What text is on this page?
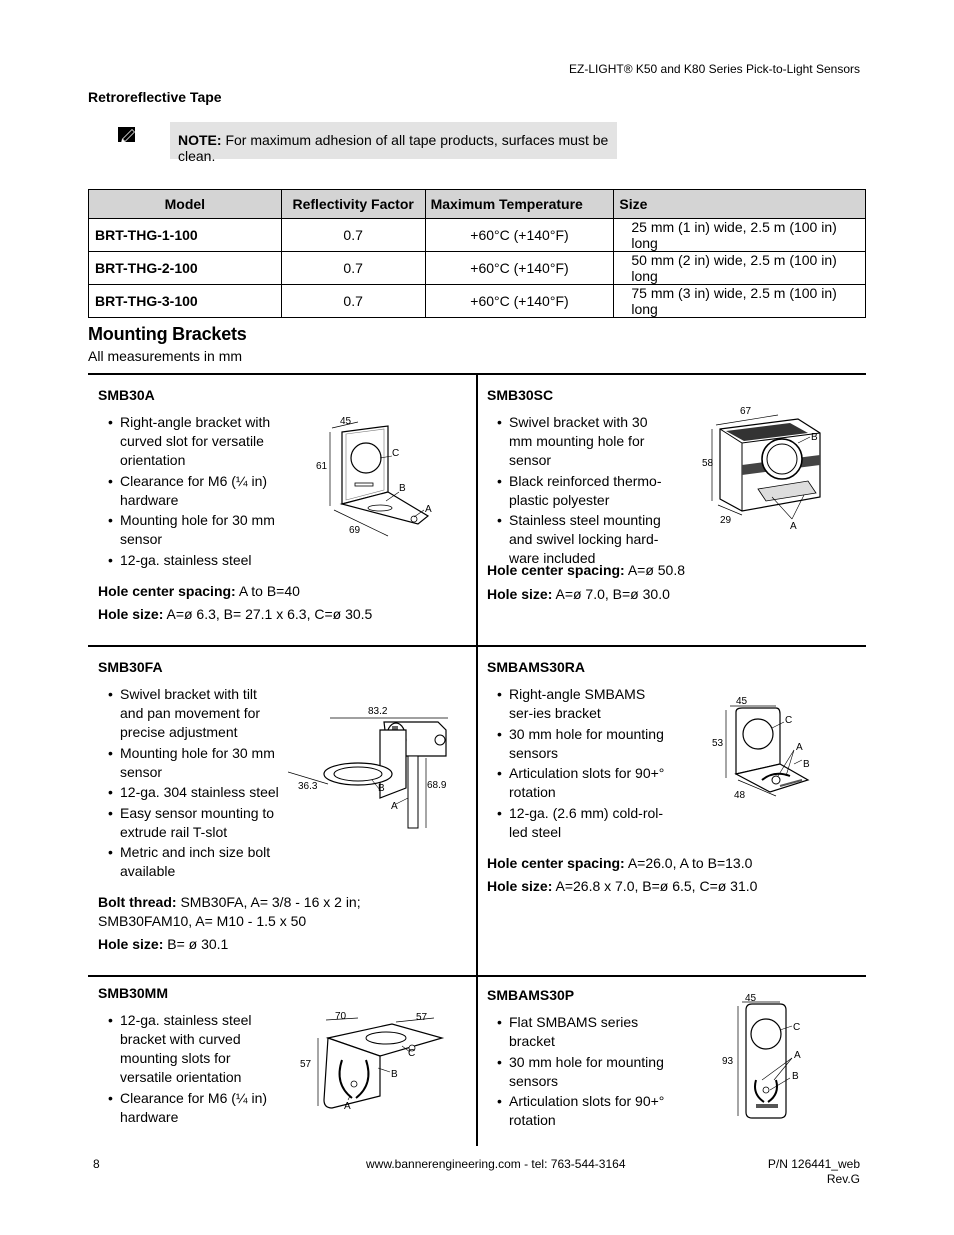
EZ-LIGHT® K50 and K80 Series Pick-to-Light Sensors
Retroreflective Tape
NOTE: For maximum adhesion of all tape products, surfaces must be clean.
Model	Reflectivity Factor	Maximum Temperature	Size
BRT-THG-1-100	0.7	+60°C (+140°F)	25 mm (1 in) wide, 2.5 m (100 in) long
BRT-THG-2-100	0.7	+60°C (+140°F)	50 mm (2 in) wide, 2.5 m (100 in) long
BRT-THG-3-100	0.7	+60°C (+140°F)	75 mm (3 in) wide, 2.5 m (100 in) long
Mounting Brackets
All measurements in mm
SMB30A
• Right-angle bracket with curved slot for versatile orientation
• Clearance for M6 (¼ in) hardware
• Mounting hole for 30 mm sensor
• 12-ga. stainless steel
Hole center spacing: A to B=40
Hole size: A=ø 6.3, B= 27.1 x 6.3, C=ø 30.5
45
61
69
C
B
A
SMB30SC
• Swivel bracket with 30 mm mounting hole for sensor
• Black reinforced thermo-plastic polyester
• Stainless steel mounting and swivel locking hard-ware included
Hole center spacing: A=ø 50.8
Hole size: A=ø 7.0, B=ø 30.0
67
58
29
B
A
SMB30FA
• Swivel bracket with tilt and pan movement for precise adjustment
• Mounting hole for 30 mm sensor
• 12-ga. 304 stainless steel
• Easy sensor mounting to extrude rail T-slot
• Metric and inch size bolt available
Bolt thread: SMB30FA, A= 3/8 - 16 x 2 in; SMB30FAM10, A= M10 - 1.5 x 50
Hole size: B= ø 30.1
83.2
68.9
36.3	B
A
SMBAMS30RA
• Right-angle SMBAMS ser-ies bracket
• 30 mm hole for mounting sensors
• Articulation slots for 90+° rotation
• 12-ga. (2.6 mm) cold-rol-led steel
Hole center spacing: A=26.0, A to B=13.0
Hole size: A=26.8 x 7.0, B=ø 6.5, C=ø 31.0
45
53
48
C
A
B
SMB30MM
• 12-ga. stainless steel bracket with curved mounting slots for versatile orientation
• Clearance for M6 (¼ in) hardware
70	57
57
C
B
A
SMBAMS30P
• Flat SMBAMS series bracket
• 30 mm hole for mounting sensors
• Articulation slots for 90+° rotation
45
93
C
A
B
8	www.bannerengineering.com - tel: 763-544-3164	P/N 126441_web
Rev.G
